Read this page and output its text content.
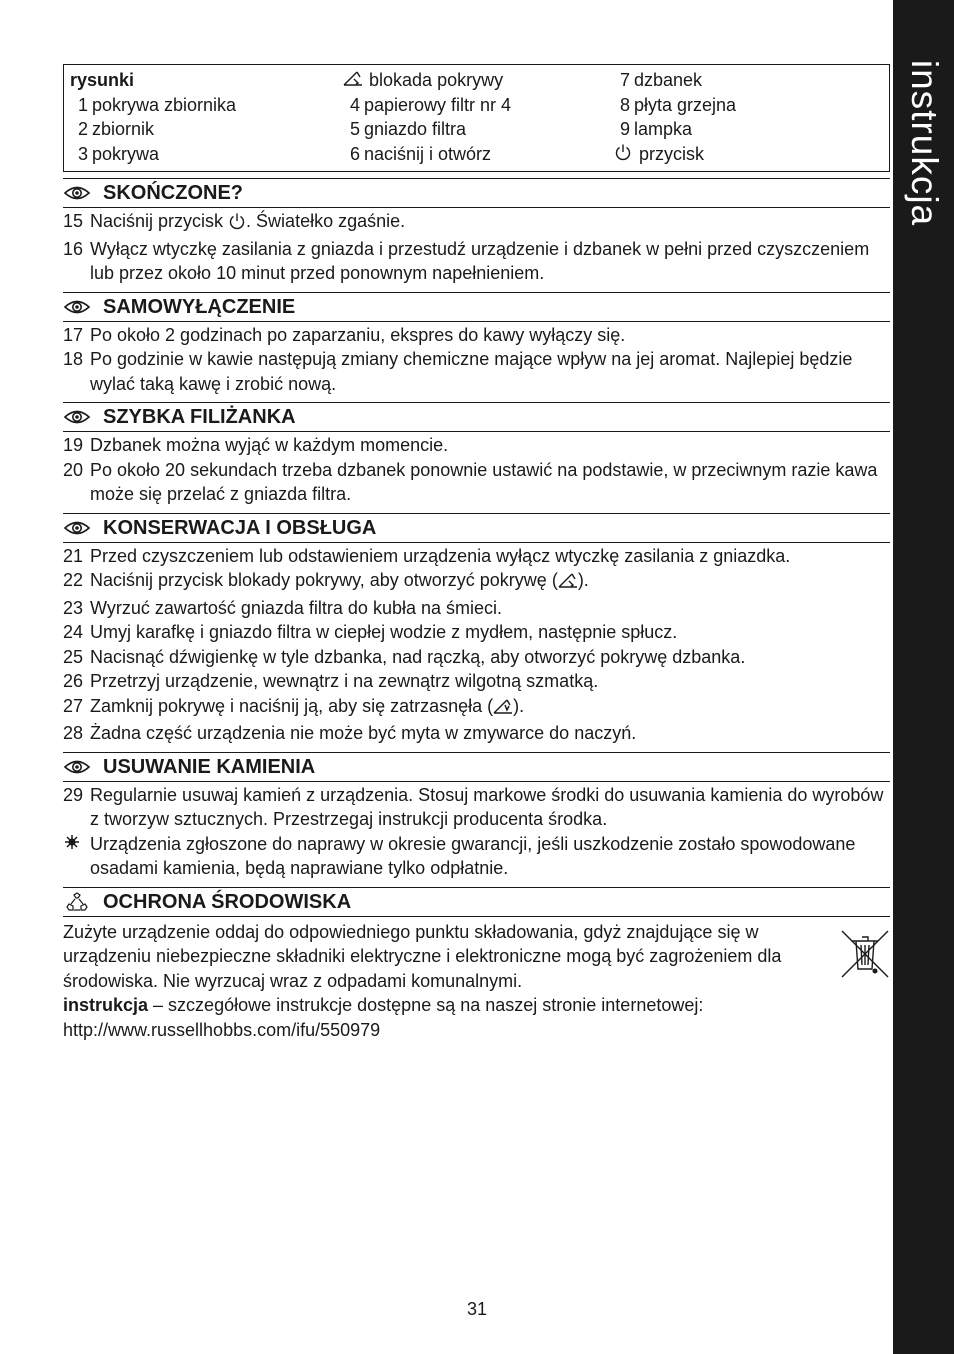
instrukcja
rysunki
1 pokrywa zbiornika
2 zbiornik
3 pokrywa
blokada pokrywy
4 papierowy filtr nr 4
5 gniazdo filtra
6 naciśnij i otwórz
7 dzbanek
8 płyta grzejna
9 lampka
przycisk
SKOŃCZONE?
15 Naciśnij przycisk . Światełko zgaśnie.
16 Wyłącz wtyczkę zasilania z gniazda i przestudź urządzenie i dzbanek w pełni przed czyszczeniem lub przez około 10 minut przed ponownym napełnieniem.
SAMOWYŁĄCZENIE
17 Po około 2 godzinach po zaparzaniu, ekspres do kawy wyłączy się.
18 Po godzinie w kawie następują zmiany chemiczne mające wpływ na jej aromat. Najlepiej będzie wylać taką kawę i zrobić nową.
SZYBKA FILIŻANKA
19 Dzbanek można wyjąć w każdym momencie.
20 Po około 20 sekundach trzeba dzbanek ponownie ustawić na podstawie, w przeciwnym razie kawa może się przelać z gniazda filtra.
KONSERWACJA I OBSŁUGA
21 Przed czyszczeniem lub odstawieniem urządzenia wyłącz wtyczkę zasilania z gniazdka.
22 Naciśnij przycisk blokady pokrywy, aby otworzyć pokrywę ( ).
23 Wyrzuć zawartość gniazda filtra do kubła na śmieci.
24 Umyj karafkę i gniazdo filtra w ciepłej wodzie z mydłem, następnie spłucz.
25 Nacisnąć dźwigienkę w tyle dzbanka, nad rączką, aby otworzyć pokrywę dzbanka.
26 Przetrzyj urządzenie, wewnątrz i na zewnątrz wilgotną szmatką.
27 Zamknij pokrywę i naciśnij ją, aby się zatrzasnęła ( ).
28 Żadna część urządzenia nie może być myta w zmywarce do naczyń.
USUWANIE KAMIENIA
29 Regularnie usuwaj kamień z urządzenia. Stosuj markowe środki do usuwania kamienia do wyrobów z tworzyw sztucznych. Przestrzegaj instrukcji producenta środka.
Urządzenia zgłoszone do naprawy w okresie gwarancji, jeśli uszkodzenie zostało spowodowane osadami kamienia, będą naprawiane tylko odpłatnie.
OCHRONA ŚRODOWISKA
Zużyte urządzenie oddaj do odpowiedniego punktu składowania, gdyż znajdujące się w urządzeniu niebezpieczne składniki elektryczne i elektroniczne mogą być zagrożeniem dla środowiska. Nie wyrzucaj wraz z odpadami komunalnymi.
instrukcja – szczegółowe instrukcje dostępne są na naszej stronie internetowej:
http://www.russellhobbs.com/ifu/550979
31
